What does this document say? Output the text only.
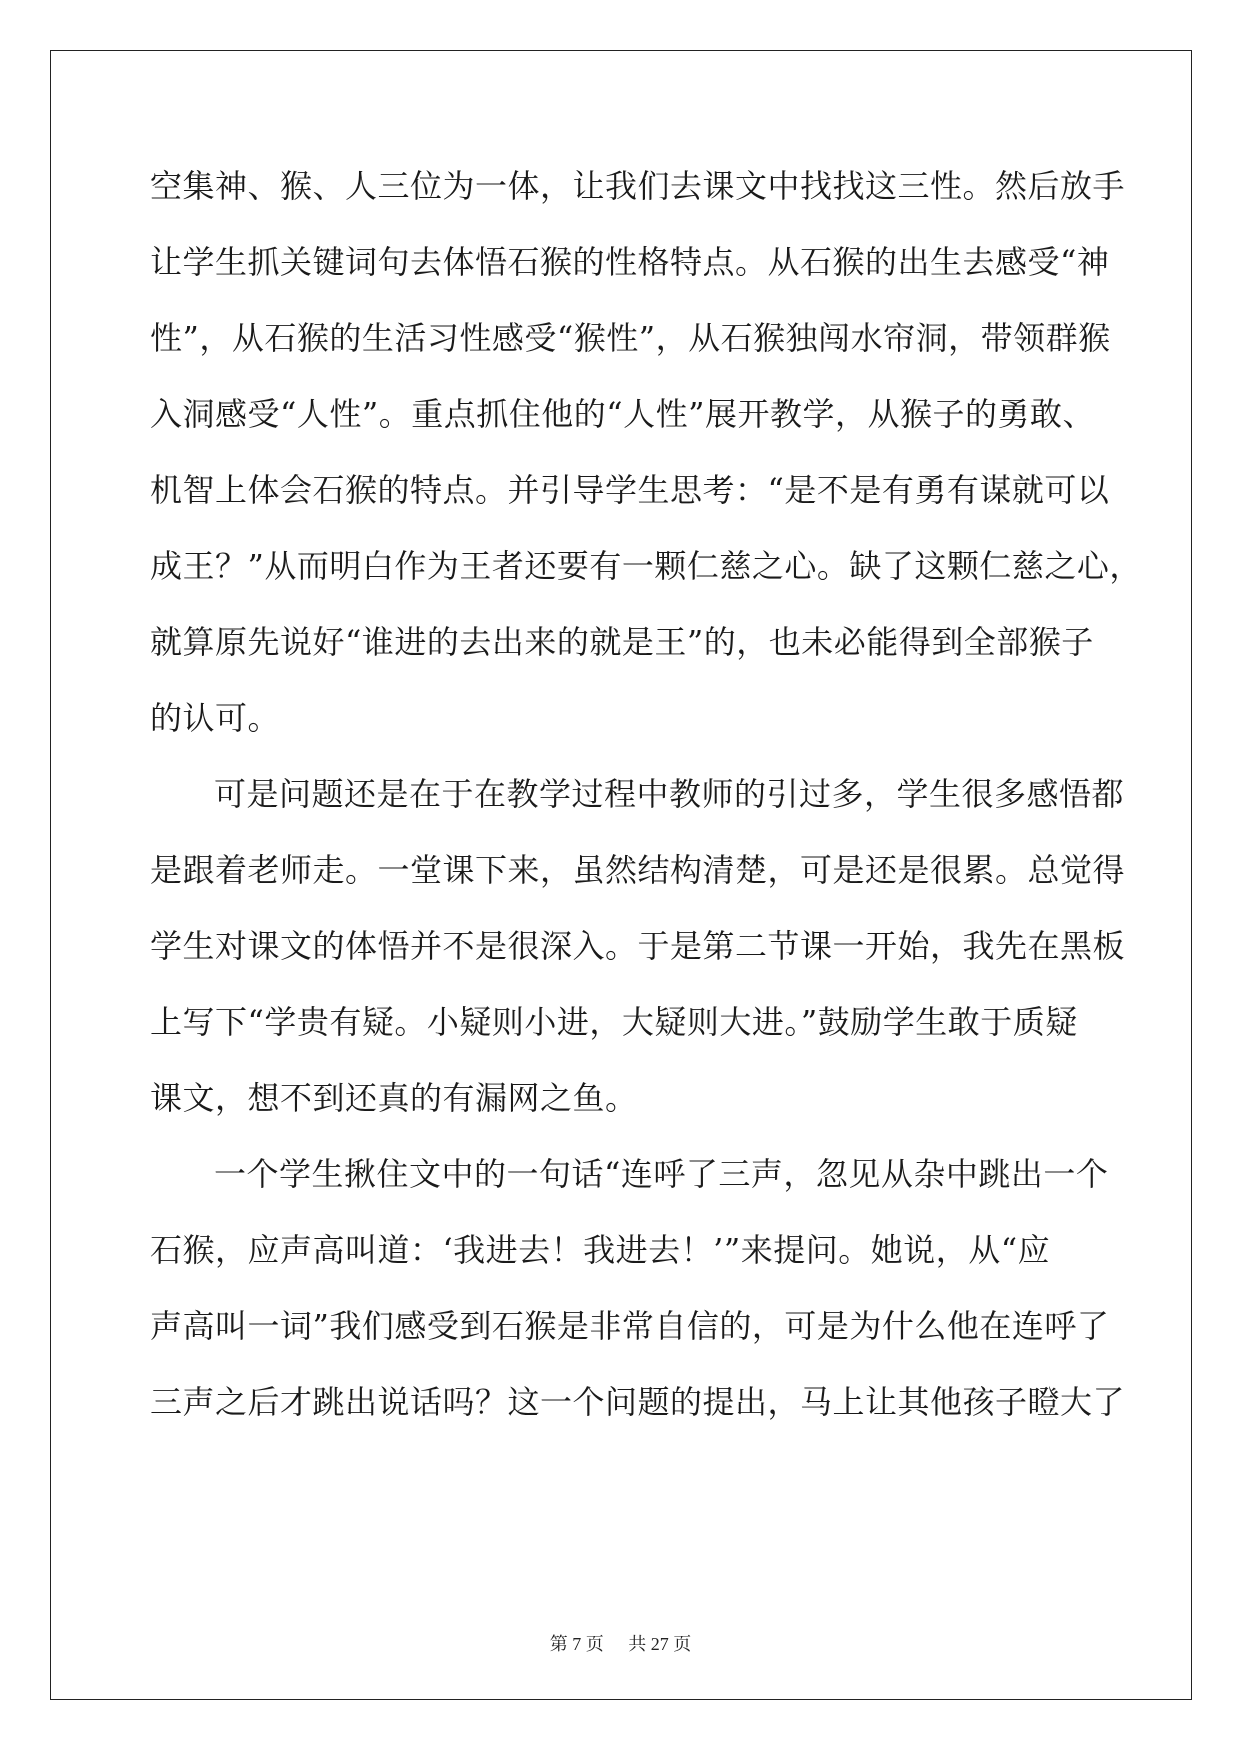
空集神、猴、人三位为一体，让我们去课文中找找这三性。然后放手
让学生抓关键词句去体悟石猴的性格特点。从石猴的出生去感受“神
性”，从石猴的生活习性感受“猴性”，从石猴独闯水帘洞，带领群猴
入洞感受“人性”。重点抓住他的“人性”展开教学，从猴子的勇敢、
机智上体会石猴的特点。并引导学生思考：“是不是有勇有谋就可以
成王？”从而明白作为王者还要有一颗仁慈之心。缺了这颗仁慈之心，
就算原先说好“谁进的去出来的就是王”的，也未必能得到全部猴子
的认可。
可是问题还是在于在教学过程中教师的引过多，学生很多感悟都
是跟着老师走。一堂课下来，虽然结构清楚，可是还是很累。总觉得
学生对课文的体悟并不是很深入。于是第二节课一开始，我先在黑板
上写下“学贵有疑。小疑则小进，大疑则大进。”鼓励学生敢于质疑
课文，想不到还真的有漏网之鱼。
一个学生揪住文中的一句话“连呼了三声，忽见从杂中跳出一个
石猴，应声高叫道：‘我进去！我进去！’”来提问。她说，从“应
声高叫一词”我们感受到石猴是非常自信的，可是为什么他在连呼了
三声之后才跳出说话吗？这一个问题的提出，马上让其他孩子瞪大了
第 7 页 共 27 页
